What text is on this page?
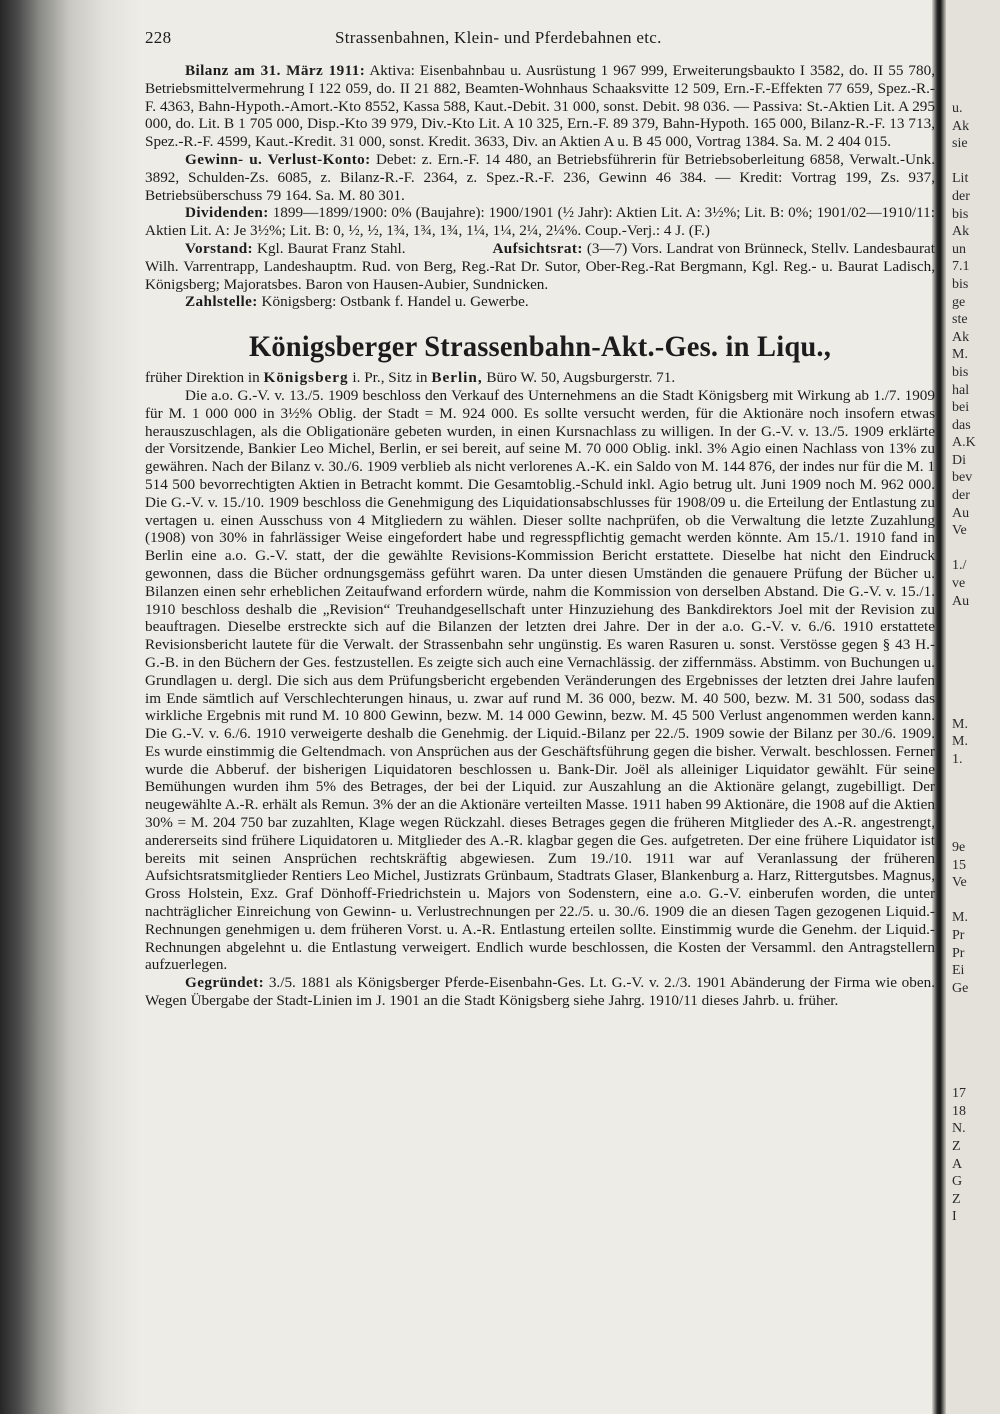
228	Strassenbahnen, Klein- und Pferdebahnen etc.

Bilanz am 31. März 1911: Aktiva: Eisenbahnbau u. Ausrüstung 1 967 999, Erweiterungsbaukto I 3582, do. II 55 780, Betriebsmittelvermehrung I 122 059, do. II 21 882, Beamten-Wohnhaus Schaaksvitte 12 509, Ern.-F.-Effekten 77 659, Spez.-R.-F. 4363, Bahn-Hypoth.-Amort.-Kto 8552, Kassa 588, Kaut.-Debit. 31 000, sonst. Debit. 98 036. — Passiva: St.-Aktien Lit. A 295 000, do. Lit. B 1 705 000, Disp.-Kto 39 979, Div.-Kto Lit. A 10 325, Ern.-F. 89 379, Bahn-Hypoth. 165 000, Bilanz-R.-F. 13 713, Spez.-R.-F. 4599, Kaut.-Kredit. 31 000, sonst. Kredit. 3633, Div. an Aktien A u. B 45 000, Vortrag 1384. Sa. M. 2 404 015.

Gewinn- u. Verlust-Konto: Debet: z. Ern.-F. 14 480, an Betriebsführerin für Betriebsoberleitung 6858, Verwalt.-Unk. 3892, Schulden-Zs. 6085, z. Bilanz-R.-F. 2364, z. Spez.-R.-F. 236, Gewinn 46 384. — Kredit: Vortrag 199, Zs. 937, Betriebsüberschuss 79 164. Sa. M. 80 301.

Dividenden: 1899—1899/1900: 0% (Baujahre): 1900/1901 (½ Jahr): Aktien Lit. A: 3½%; Lit. B: 0%; 1901/02—1910/11: Aktien Lit. A: Je 3½%; Lit. B: 0, ½, ½, 1¾, 1¾, 1¾, 1¼, 1¼, 2¼, 2¼%. Coup.-Verj.: 4 J. (F.)

Vorstand: Kgl. Baurat Franz Stahl.	Aufsichtsrat: (3—7) Vors. Landrat von Brünneck, Stellv. Landesbaurat Wilh. Varrentrapp, Landeshauptm. Rud. von Berg, Reg.-Rat Dr. Sutor, Ober-Reg.-Rat Bergmann, Kgl. Reg.- u. Baurat Ladisch, Königsberg; Majoratsbes. Baron von Hausen-Aubier, Sundnicken.

Zahlstelle: Königsberg: Ostbank f. Handel u. Gewerbe.

Königsberger Strassenbahn-Akt.-Ges. in Liqu.,

früher Direktion in Königsberg i. Pr., Sitz in Berlin, Büro W. 50, Augsburgerstr. 71.

Die a.o. G.-V. v. 13./5. 1909 beschloss den Verkauf des Unternehmens an die Stadt Königsberg mit Wirkung ab 1./7. 1909 für M. 1 000 000 in 3½% Oblig. der Stadt = M. 924 000. Es sollte versucht werden, für die Aktionäre noch insofern etwas herauszuschlagen, als die Obligationäre gebeten wurden, in einen Kursnachlass zu willigen. In der G.-V. v. 13./5. 1909 erklärte der Vorsitzende, Bankier Leo Michel, Berlin, er sei bereit, auf seine M. 70 000 Oblig. inkl. 3% Agio einen Nachlass von 13% zu gewähren. Nach der Bilanz v. 30./6. 1909 verblieb als nicht verlorenes A.-K. ein Saldo von M. 144 876, der indes nur für die M. 1 514 500 bevorrechtigten Aktien in Betracht kommt. Die Gesamtoblig.-Schuld inkl. Agio betrug ult. Juni 1909 noch M. 962 000. Die G.-V. v. 15./10. 1909 beschloss die Genehmigung des Liquidationsabschlusses für 1908/09 u. die Erteilung der Entlastung zu vertagen u. einen Ausschuss von 4 Mitgliedern zu wählen. Dieser sollte nachprüfen, ob die Verwaltung die letzte Zuzahlung (1908) von 30% in fahrlässiger Weise eingefordert habe und regresspflichtig gemacht werden könnte. Am 15./1. 1910 fand in Berlin eine a.o. G.-V. statt, der die gewählte Revisions-Kommission Bericht erstattete. Dieselbe hat nicht den Eindruck gewonnen, dass die Bücher ordnungsgemäss geführt waren. Da unter diesen Umständen die genauere Prüfung der Bücher u. Bilanzen einen sehr erheblichen Zeitaufwand erfordern würde, nahm die Kommission von derselben Abstand. Die G.-V. v. 15./1. 1910 beschloss deshalb die „Revision“ Treuhandgesellschaft unter Hinzuziehung des Bankdirektors Joel mit der Revision zu beauftragen. Dieselbe erstreckte sich auf die Bilanzen der letzten drei Jahre. Der in der a.o. G.-V. v. 6./6. 1910 erstattete Revisionsbericht lautete für die Verwalt. der Strassenbahn sehr ungünstig. Es waren Rasuren u. sonst. Verstösse gegen § 43 H.-G.-B. in den Büchern der Ges. festzustellen. Es zeigte sich auch eine Vernachlässig. der ziffernmäss. Abstimm. von Buchungen u. Grundlagen u. dergl. Die sich aus dem Prüfungsbericht ergebenden Veränderungen des Ergebnisses der letzten drei Jahre laufen im Ende sämtlich auf Verschlechterungen hinaus, u. zwar auf rund M. 36 000, bezw. M. 40 500, bezw. M. 31 500, sodass das wirkliche Ergebnis mit rund M. 10 800 Gewinn, bezw. M. 14 000 Gewinn, bezw. M. 45 500 Verlust angenommen werden kann. Die G.-V. v. 6./6. 1910 verweigerte deshalb die Genehmig. der Liquid.-Bilanz per 22./5. 1909 sowie der Bilanz per 30./6. 1909. Es wurde einstimmig die Geltendmach. von Ansprüchen aus der Geschäftsführung gegen die bisher. Verwalt. beschlossen. Ferner wurde die Abberuf. der bisherigen Liquidatoren beschlossen u. Bank-Dir. Joël als alleiniger Liquidator gewählt. Für seine Bemühungen wurden ihm 5% des Betrages, der bei der Liquid. zur Auszahlung an die Aktionäre gelangt, zugebilligt. Der neugewählte A.-R. erhält als Remun. 3% der an die Aktionäre verteilten Masse. 1911 haben 99 Aktionäre, die 1908 auf die Aktien 30% = M. 204 750 bar zuzahlten, Klage wegen Rückzahl. dieses Betrages gegen die früheren Mitglieder des A.-R. angestrengt, andererseits sind frühere Liquidatoren u. Mitglieder des A.-R. klagbar gegen die Ges. aufgetreten. Der eine frühere Liquidator ist bereits mit seinen Ansprüchen rechtskräftig abgewiesen. Zum 19./10. 1911 war auf Veranlassung der früheren Aufsichtsratsmitglieder Rentiers Leo Michel, Justizrats Grünbaum, Stadtrats Glaser, Blankenburg a. Harz, Rittergutsbes. Magnus, Gross Holstein, Exz. Graf Dönhoff-Friedrichstein u. Majors von Sodenstern, eine a.o. G.-V. einberufen worden, die unter nachträglicher Einreichung von Gewinn- u. Verlustrechnungen per 22./5. u. 30./6. 1909 die an diesen Tagen gezogenen Liquid.-Rechnungen genehmigen u. dem früheren Vorst. u. A.-R. Entlastung erteilen sollte. Einstimmig wurde die Genehm. der Liquid.-Rechnungen abgelehnt u. die Entlastung verweigert. Endlich wurde beschlossen, die Kosten der Versamml. den Antragstellern aufzuerlegen.

Gegründet: 3./5. 1881 als Königsberger Pferde-Eisenbahn-Ges. Lt. G.-V. v. 2./3. 1901 Abänderung der Firma wie oben. Wegen Übergabe der Stadt-Linien im J. 1901 an die Stadt Königsberg siehe Jahrg. 1910/11 dieses Jahrb. u. früher.

u.
Ak
sie
Lit
der
bis
Ak
un
7.1
bis
ge
ste
Ak
M.
bis
hal
bei
das
A.K
Di
bev
der
Au
Ve
1./
ve
Au
M.
M.
1.
9e
15
Ve
M.
Pr
Pr
Ei
Ge
17
18
N.
Z
A
G
Z
I
